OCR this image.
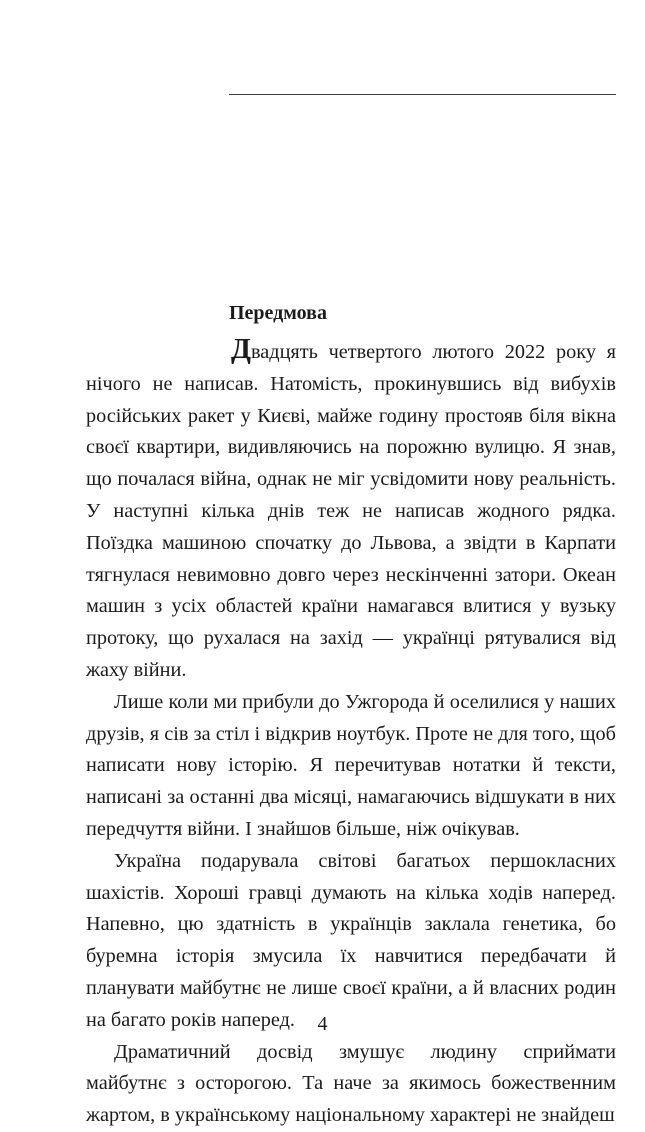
Передмова

Двадцять четвертого лютого 2022 року я нічого не написав. Натомість, прокинувшись від вибухів російських ракет у Києві, майже годину простояв біля вікна своєї квартири, видивляючись на порожню вулицю. Я знав, що почалася війна, однак не міг усвідомити нову реальність. У наступні кілька днів теж не написав жодного рядка. Поїздка машиною спочатку до Львова, а звідти в Карпати тягнулася невимовно довго через нескінченні затори. Океан машин з усіх областей країни намагався влитися у вузьку протоку, що рухалася на захід — українці рятувалися від жаху війни.

Лише коли ми прибули до Ужгорода й оселилися у наших друзів, я сів за стіл і відкрив ноутбук. Проте не для того, щоб написати нову історію. Я перечитував нотатки й тексти, написані за останні два місяці, намагаючись відшукати в них передчуття війни. І знайшов більше, ніж очікував.

Україна подарувала світові багатьох першокласних шахістів. Хороші гравці думають на кілька ходів наперед. Напевно, цю здатність в українців заклала генетика, бо буремна історія змусила їх навчитися передбачати й планувати майбутнє не лише своєї країни, а й власних родин на багато років наперед.

Драматичний досвід змушує людину сприймати майбутнє з осторогою. Та наче за якимось божественним жартом, в українському національному характері не знайдеш

4
